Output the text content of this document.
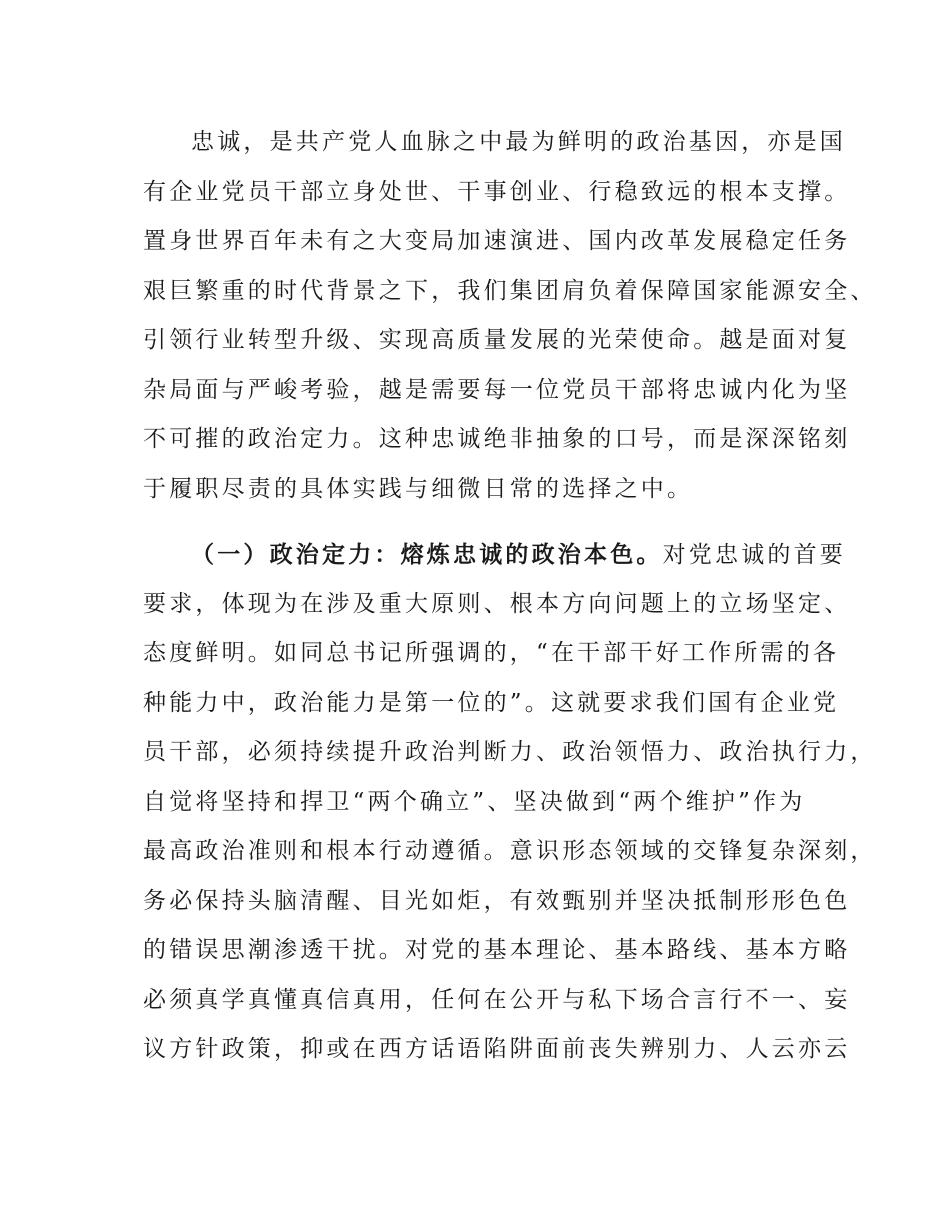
忠诚，是共产党人血脉之中最为鲜明的政治基因，亦是国
有企业党员干部立身处世、干事创业、行稳致远的根本支撑。
置身世界百年未有之大变局加速演进、国内改革发展稳定任务
艰巨繁重的时代背景之下，我们集团肩负着保障国家能源安全、
引领行业转型升级、实现高质量发展的光荣使命。越是面对复
杂局面与严峻考验，越是需要每一位党员干部将忠诚内化为坚
不可摧的政治定力。这种忠诚绝非抽象的口号，而是深深铭刻
于履职尽责的具体实践与细微日常的选择之中。
（一）政治定力：熔炼忠诚的政治本色。对党忠诚的首要
要求，体现为在涉及重大原则、根本方向问题上的立场坚定、
态度鲜明。如同总书记所强调的，“在干部干好工作所需的各
种能力中，政治能力是第一位的”。这就要求我们国有企业党
员干部，必须持续提升政治判断力、政治领悟力、政治执行力，
自觉将坚持和捍卫“两个确立”、坚决做到“两个维护”作为
最高政治准则和根本行动遵循。意识形态领域的交锋复杂深刻，
务必保持头脑清醒、目光如炬，有效甄别并坚决抵制形形色色
的错误思潮渗透干扰。对党的基本理论、基本路线、基本方略
必须真学真懂真信真用，任何在公开与私下场合言行不一、妄
议方针政策，抑或在西方话语陷阱面前丧失辨别力、人云亦云
